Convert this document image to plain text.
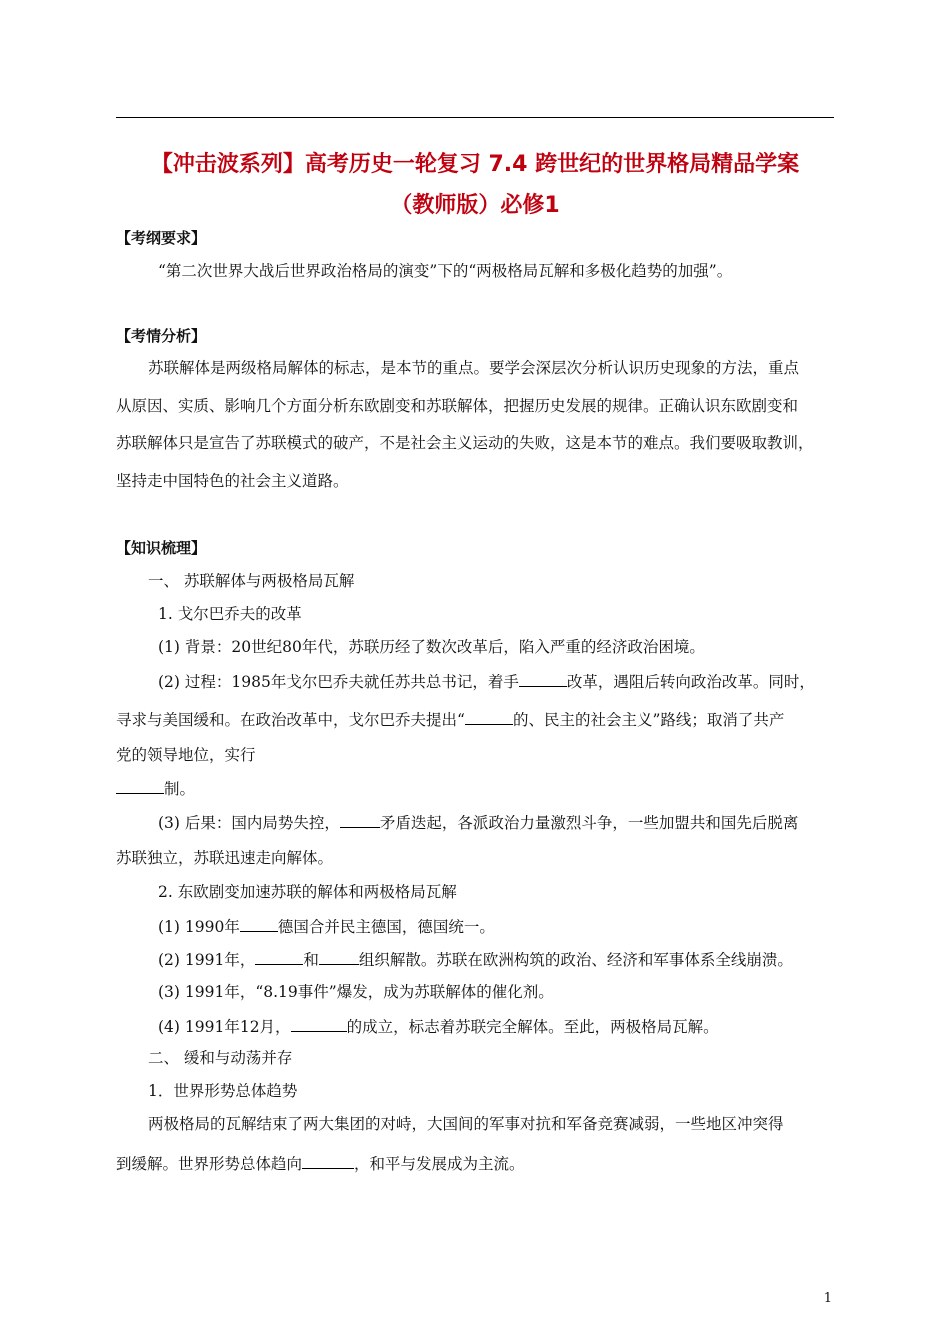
【冲击波系列】高考历史一轮复习 7.4 跨世纪的世界格局精品学案
（教师版）必修1
【考纲要求】
“第二次世界大战后世界政治格局的演变”下的“两极格局瓦解和多极化趋势的加强”。
【考情分析】
苏联解体是两级格局解体的标志，是本节的重点。要学会深层次分析认识历史现象的方法，重点
从原因、实质、影响几个方面分析东欧剧变和苏联解体，把握历史发展的规律。正确认识东欧剧变和
苏联解体只是宣告了苏联模式的破产，不是社会主义运动的失败，这是本节的难点。我们要吸取教训，
坚持走中国特色的社会主义道路。
【知识梳理】
一、 苏联解体与两极格局瓦解
1. 戈尔巴乔夫的改革
(1) 背景：20世纪80年代，苏联历经了数次改革后，陷入严重的经济政治困境。
(2) 过程：1985年戈尔巴乔夫就任苏共总书记，着手	改革，遇阻后转向政治改革。同时，
寻求与美国缓和。在政治改革中，戈尔巴乔夫提出“	的、民主的社会主义”路线；取消了共产
党的领导地位，实行
制。
(3) 后果：国内局势失控，	矛盾迭起，各派政治力量激烈斗争，一些加盟共和国先后脱离
苏联独立，苏联迅速走向解体。
2. 东欧剧变加速苏联的解体和两极格局瓦解
(1) 1990年 德国合并民主德国，德国统一。
(2) 1991年，	和	组织解散。苏联在欧洲构筑的政治、经济和军事体系全线崩溃。
(3) 1991年，“8.19事件”爆发，成为苏联解体的催化剂。
(4) 1991年12月，	的成立，标志着苏联完全解体。至此，两极格局瓦解。
二、 缓和与动荡并存
1．世界形势总体趋势
两极格局的瓦解结束了两大集团的对峙，大国间的军事对抗和军备竞赛减弱，一些地区冲突得
到缓解。世界形势总体趋向	，和平与发展成为主流。
1
